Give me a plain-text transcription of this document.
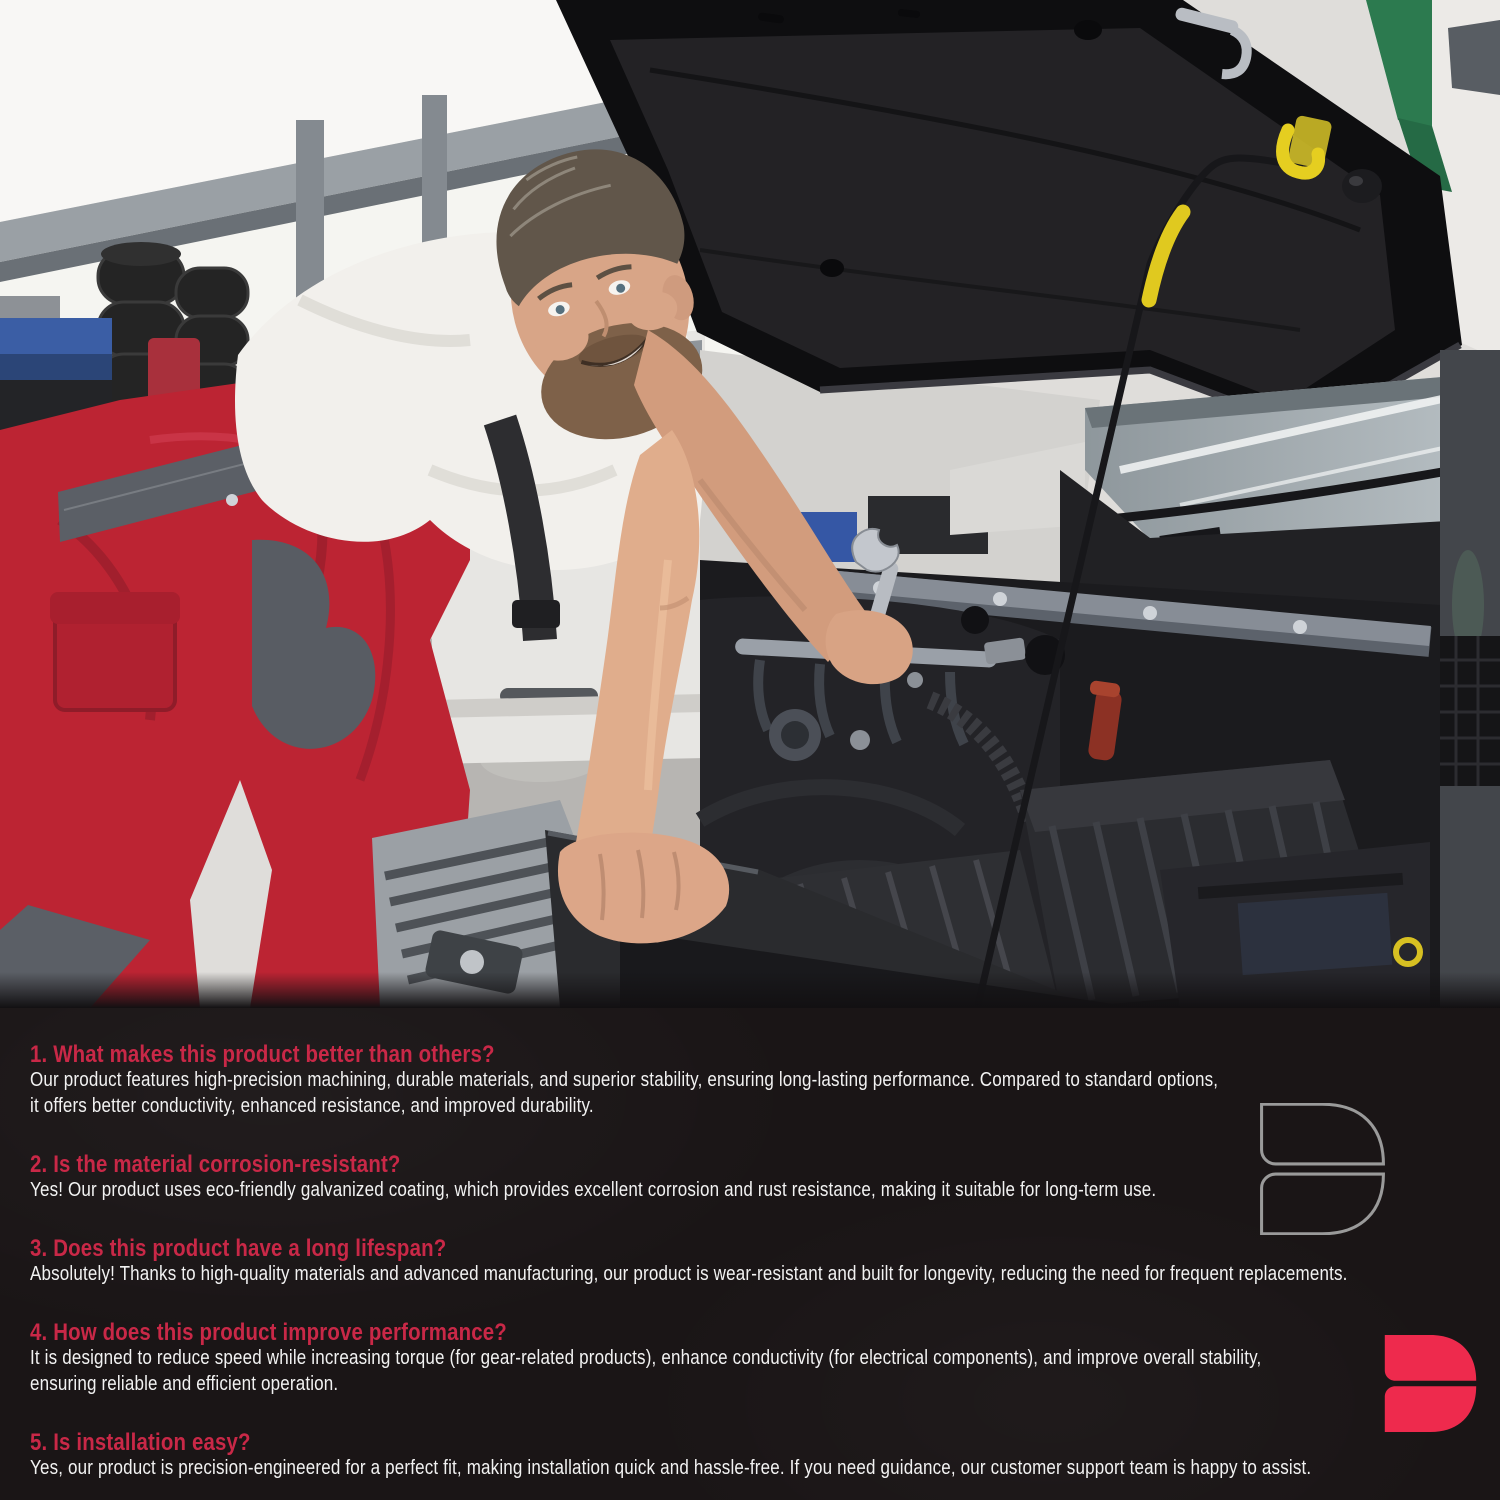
1. What makes this product better than others?
Our product features high-precision machining, durable materials, and superior stability, ensuring long-lasting performance. Compared to standard options,
it offers better conductivity, enhanced resistance, and improved durability.
2. Is the material corrosion-resistant?
Yes! Our product uses eco-friendly galvanized coating, which provides excellent corrosion and rust resistance, making it suitable for long-term use.
3. Does this product have a long lifespan?
Absolutely! Thanks to high-quality materials and advanced manufacturing, our product is wear-resistant and built for longevity, reducing the need for frequent replacements.
4. How does this product improve performance?
It is designed to reduce speed while increasing torque (for gear-related products), enhance conductivity (for electrical components), and improve overall stability,
ensuring reliable and efficient operation.
5. Is installation easy?
Yes, our product is precision-engineered for a perfect fit, making installation quick and hassle-free. If you need guidance, our customer support team is happy to assist.
